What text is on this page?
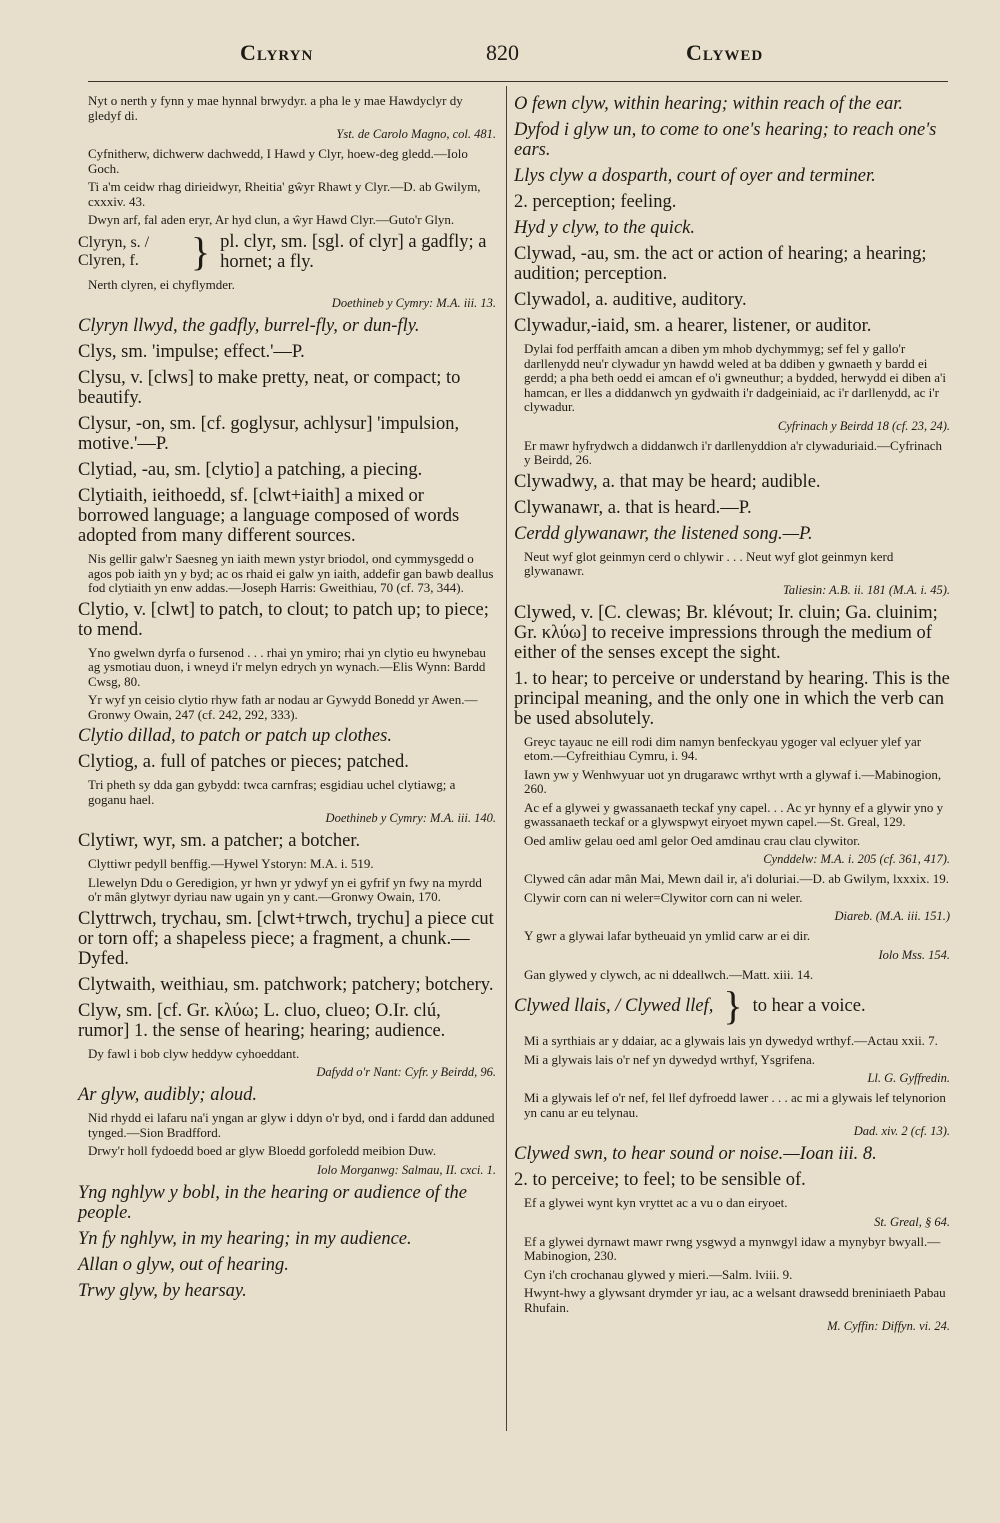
Clyryn	820	Clywed
Nyt o nerth y fynn y mae hynnal brwydyr. a pha le y mae Hawdyclyr dy gledyf di.
Yst. de Carolo Magno, col. 481.
Cyfnitherw, dichwerw dachwedd, I Hawd y Clyr, hoew-deg gledd.—Iolo Goch.
Ti a'm ceidw rhag dirieidwyr, Rheitia' gŵyr Rhawt y Clyr.—D. ab Gwilym, cxxxiv. 43.
Dwyn arf, fal aden eryr, Ar hyd clun, a ŵyr Hawd Clyr.—Guto'r Glyn.
Clyryn, s. / Clyren, f.	} pl. clyr, sm. [sgl. of clyr] a gadfly; a hornet; a fly.
Nerth clyren, ei chyflymder.
Doethineb y Cymry: M.A. iii. 13.
Clyryn llwyd, the gadfly, burrel-fly, or dun-fly.
Clys, sm. 'impulse; effect.'—P.
Clysu, v. [clws] to make pretty, neat, or compact; to beautify.
Clysur, -on, sm. [cf. goglysur, achlysur] 'impulsion, motive.'—P.
Clytiad, -au, sm. [clytio] a patching, a piecing.
Clytiaith, ieithoedd, sf. [clwt+iaith] a mixed or borrowed language; a language composed of words adopted from many different sources.
Nis gellir galw'r Saesneg yn iaith mewn ystyr briodol, ond cymmysgedd o agos pob iaith yn y byd; ac os rhaid ei galw yn iaith, addefir gan bawb deallus fod clytiaith yn enw addas.—Joseph Harris: Gweithiau, 70 (cf. 73, 344).
Clytio, v. [clwt] to patch, to clout; to patch up; to piece; to mend.
Yno gwelwn dyrfa o fursenod . . . rhai yn ymiro; rhai yn clytio eu hwynebau ag ysmotiau duon, i wneyd i'r melyn edrych yn wynach.—Elis Wynn: Bardd Cwsg, 80.
Yr wyf yn ceisio clytio rhyw fath ar nodau ar Gywydd Bonedd yr Awen.—Gronwy Owain, 247 (cf. 242, 292, 333).
Clytio dillad, to patch or patch up clothes.
Clytiog, a. full of patches or pieces; patched.
Tri pheth sy dda gan gybydd: twca carnfras; esgidiau uchel clytiawg; a goganu hael.
Doethineb y Cymry: M.A. iii. 140.
Clytiwr, wyr, sm. a patcher; a botcher.
Clyttiwr pedyll benffig.—Hywel Ystoryn: M.A. i. 519.
Llewelyn Ddu o Geredigion, yr hwn yr ydwyf yn ei gyfrif yn fwy na myrdd o'r mân glytwyr dyriau naw ugain yn y cant.—Gronwy Owain, 170.
Clyttrwch, trychau, sm. [clwt+trwch, trychu] a piece cut or torn off; a shapeless piece; a fragment, a chunk.—Dyfed.
Clytwaith, weithiau, sm. patchwork; patchery; botchery.
Clyw, sm. [cf. Gr. κλύω; L. cluo, clueo; O.Ir. clú, rumor] 1. the sense of hearing; hearing; audience.
Dy fawl i bob clyw heddyw cyhoeddant.
Dafydd o'r Nant: Cyfr. y Beirdd, 96.
Ar glyw, audibly; aloud.
Nid rhydd ei lafaru na'i yngan ar glyw i ddyn o'r byd, ond i fardd dan adduned tynged.—Sion Bradfford.
Drwy'r holl fydoedd boed ar glyw Bloedd gorfoledd meibion Duw.
Iolo Morganwg: Salmau, II. cxci. 1.
Yng nghlyw y bobl, in the hearing or audience of the people.
Yn fy nghlyw, in my hearing; in my audience.
Allan o glyw, out of hearing.
Trwy glyw, by hearsay.
O fewn clyw, within hearing; within reach of the ear.
Dyfod i glyw un, to come to one's hearing; to reach one's ears.
Llys clyw a dosparth, court of oyer and terminer.
2. perception; feeling.
Hyd y clyw, to the quick.
Clywad, -au, sm. the act or action of hearing; a hearing; audition; perception.
Clywadol, a. auditive, auditory.
Clywadur,-iaid, sm. a hearer, listener, or auditor.
Dylai fod perffaith amcan a diben ym mhob dychymmyg; sef fel y gallo'r darllenydd neu'r clywadur yn hawdd weled at ba ddiben y gwnaeth y bardd ei gerdd; a pha beth oedd ei amcan ef o'i gwneuthur; a bydded, herwydd ei diben a'i hamcan, er lles a diddanwch yn gydwaith i'r dadgeiniaid, ac i'r darllenydd, ac i'r clywadur.
Cyfrinach y Beirdd 18 (cf. 23, 24).
Er mawr hyfrydwch a diddanwch i'r darllenyddion a'r clywaduriaid.—Cyfrinach y Beirdd, 26.
Clywadwy, a. that may be heard; audible.
Clywanawr, a. that is heard.—P.
Cerdd glywanawr, the listened song.—P.
Neut wyf glot geinmyn cerd o chlywir . . . Neut wyf glot geinmyn kerd glywanawr.
Taliesin: A.B. ii. 181 (M.A. i. 45).
Clywed, v. [C. clewas; Br. klévout; Ir. cluin; Ga. cluinim; Gr. κλύω] to receive impressions through the medium of either of the senses except the sight.
1. to hear; to perceive or understand by hearing. This is the principal meaning, and the only one in which the verb can be used absolutely.
Greyc tayauc ne eill rodi dim namyn benfeckyau ygoger val eclyuer ylef yar etom.—Cyfreithiau Cymru, i. 94.
Iawn yw y Wenhwyuar uot yn drugarawc wrthyt wrth a glywaf i.—Mabinogion, 260.
Ac ef a glywei y gwassanaeth teckaf yny capel. . . Ac yr hynny ef a glywir yno y gwassanaeth teckaf or a glywspwyt eiryoet mywn capel.—St. Greal, 129.
Oed amliw gelau oed aml gelor Oed amdinau crau clau clywitor.
Cynddelw: M.A. i. 205 (cf. 361, 417).
Clywed cân adar mân Mai, Mewn dail ir, a'i doluriai.—D. ab Gwilym, lxxxix. 19.
Clywir corn can ni weler=Clywitor corn can ni weler.
Diareb. (M.A. iii. 151.)
Y gwr a glywai lafar bytheuaid yn ymlid carw ar ei dir.
Iolo Mss. 154.
Gan glywed y clywch, ac ni ddeallwch.—Matt. xiii. 14.
Clywed llais, / Clywed llef, } to hear a voice.
Mi a syrthiais ar y ddaiar, ac a glywais lais yn dywedyd wrthyf.—Actau xxii. 7.
Mi a glywais lais o'r nef yn dywedyd wrthyf, Ysgrifena.
Ll. G. Gyffredin.
Mi a glywais lef o'r nef, fel llef dyfroedd lawer . . . ac mi a glywais lef telynorion yn canu ar eu telynau.
Dad. xiv. 2 (cf. 13).
Clywed swn, to hear sound or noise.—Ioan iii. 8.
2. to perceive; to feel; to be sensible of.
Ef a glywei wynt kyn vryttet ac a vu o dan eiryoet.
St. Greal, § 64.
Ef a glywei dyrnawt mawr rwng ysgwyd a mynwgyl idaw a mynybyr bwyall.—Mabinogion, 230.
Cyn i'ch crochanau glywed y mieri.—Salm. lviii. 9.
Hwynt-hwy a glywsant drymder yr iau, ac a welsant drawsedd breniniaeth Pabau Rhufain.
M. Cyffin: Diffyn. vi. 24.
